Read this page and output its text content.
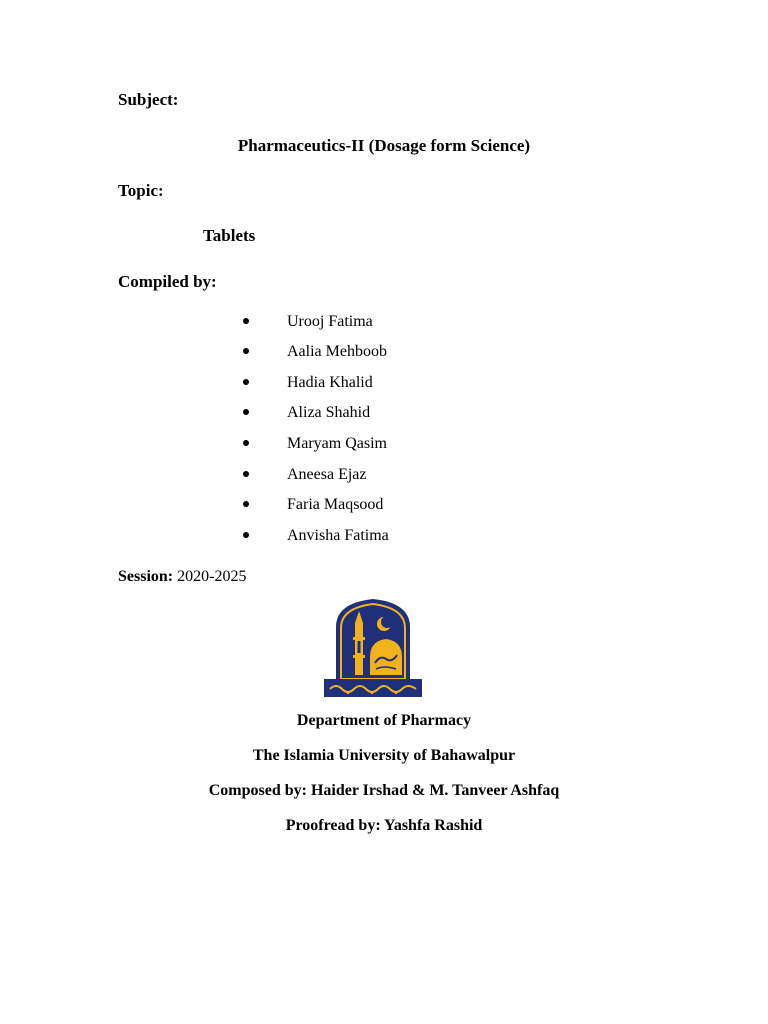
Subject:
Pharmaceutics-II (Dosage form Science)
Topic:
Tablets
Compiled by:
Urooj Fatima
Aalia Mehboob
Hadia Khalid
Aliza Shahid
Maryam Qasim
Aneesa Ejaz
Faria Maqsood
Anvisha Fatima
Session: 2020-2025
Department of Pharmacy
The Islamia University of Bahawalpur
Composed by: Haider Irshad & M. Tanveer Ashfaq
Proofread by: Yashfa Rashid
